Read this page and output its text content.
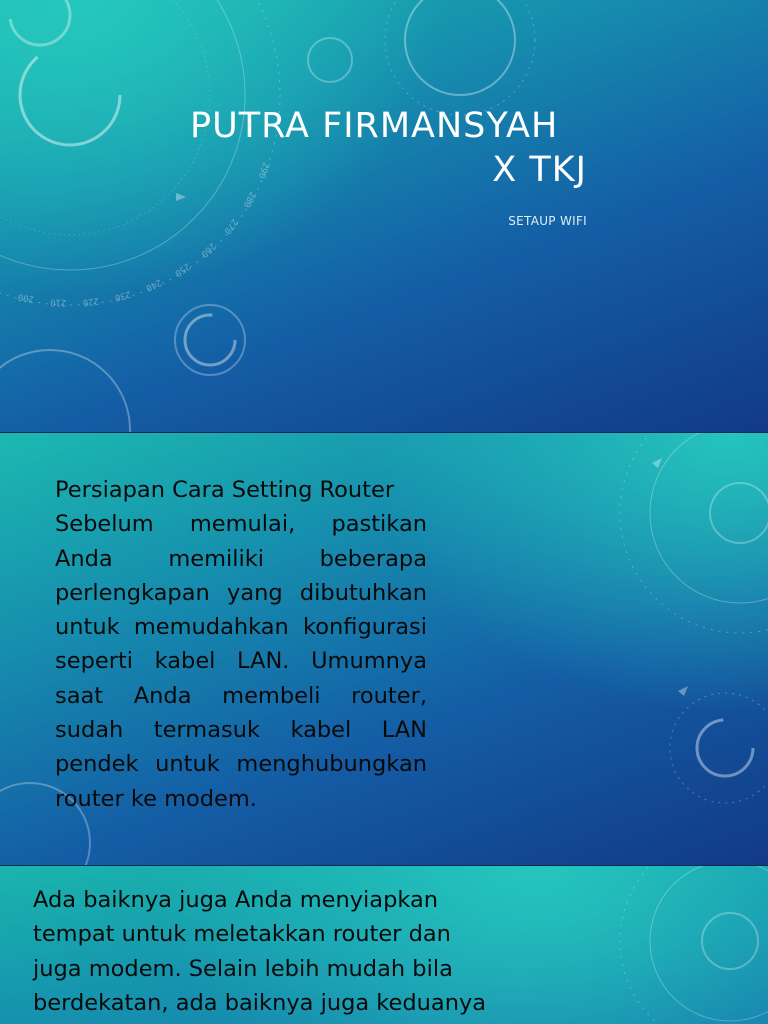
200 210 220 230
240
250
260
270
280
290
PUTRA FIRMANSYAH
X TKJ
SETAUP WIFI
Persiapan Cara Setting Router
Sebelum memulai, pastikan Anda memiliki beberapa perlengkapan yang dibutuhkan untuk memudahkan konfigurasi seperti kabel LAN. Umumnya saat Anda membeli router, sudah termasuk kabel LAN pendek untuk menghubungkan router ke modem.
Ada baiknya juga Anda menyiapkan tempat untuk meletakkan router dan juga modem. Selain lebih mudah bila berdekatan, ada baiknya juga keduanya
